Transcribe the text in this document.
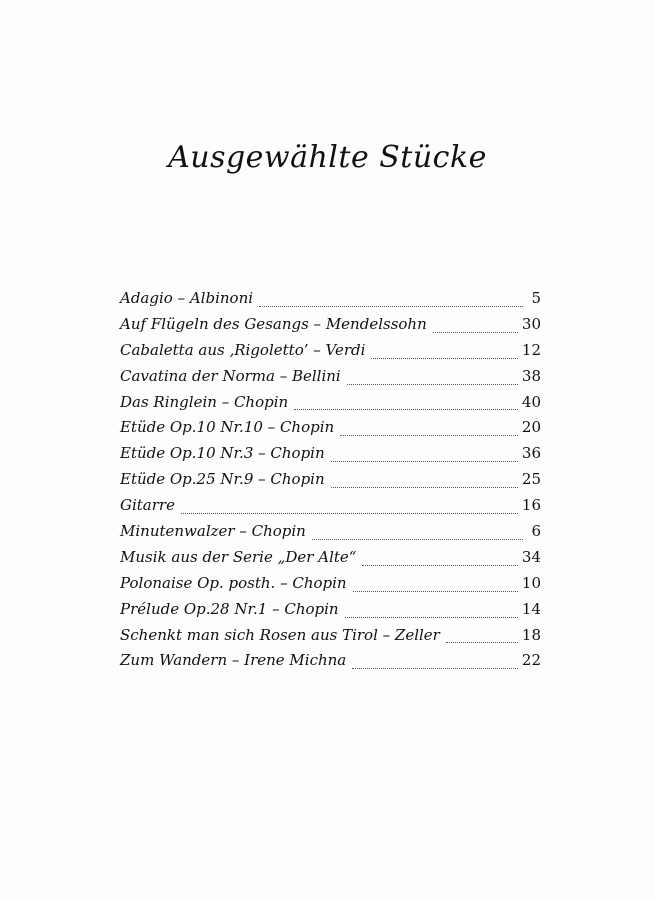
Ausgewählte Stücke
Adagio – Albinoni	5
Auf Flügeln des Gesangs – Mendelssohn	30
Cabaletta aus ‚Rigoletto’ – Verdi	12
Cavatina der Norma – Bellini	38
Das Ringlein – Chopin	40
Etüde Op.10 Nr.10 – Chopin	20
Etüde Op.10 Nr.3 – Chopin	36
Etüde Op.25 Nr.9 – Chopin	25
Gitarre	16
Minutenwalzer – Chopin	6
Musik aus der Serie „Der Alte“	34
Polonaise Op. posth. – Chopin	10
Prélude Op.28 Nr.1 – Chopin	14
Schenkt man sich Rosen aus Tirol – Zeller	18
Zum Wandern – Irene Michna	22
